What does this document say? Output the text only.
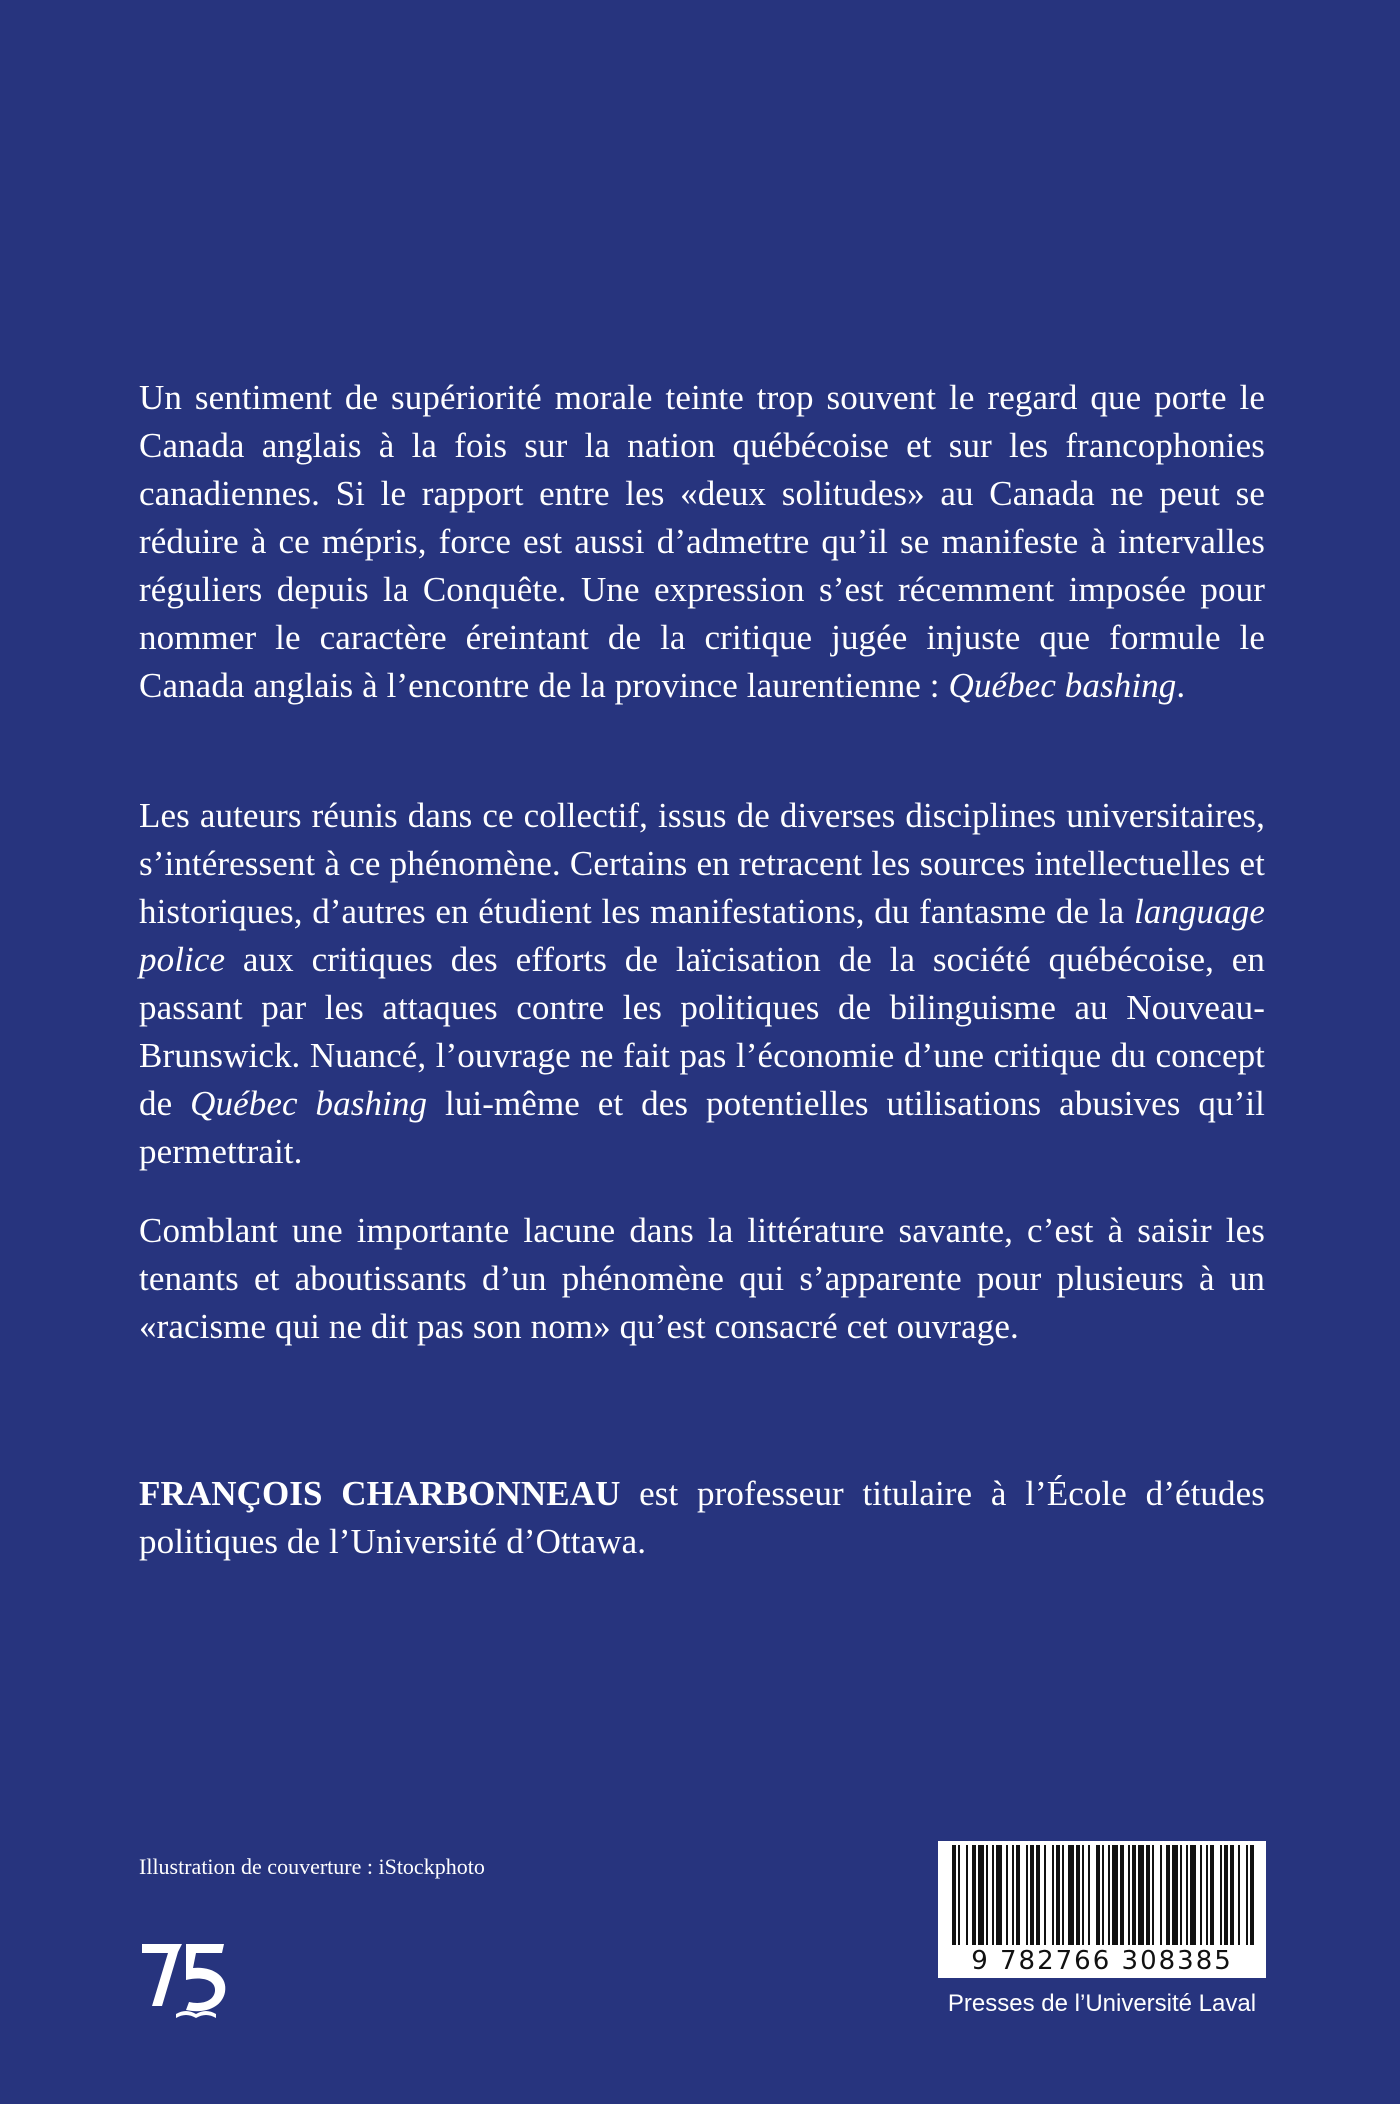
Un sentiment de supériorité morale teinte trop souvent le regard que porte le Canada anglais à la fois sur la nation québécoise et sur les francophonies canadiennes. Si le rapport entre les «deux solitudes» au Canada ne peut se réduire à ce mépris, force est aussi d’admettre qu’il se manifeste à intervalles réguliers depuis la Conquête. Une expression s’est récemment imposée pour nommer le caractère éreintant de la critique jugée injuste que formule le Canada anglais à l’encontre de la province laurentienne : Québec bashing.

Les auteurs réunis dans ce collectif, issus de diverses disciplines universitaires, s’intéressent à ce phénomène. Certains en retracent les sources intellectuelles et historiques, d’autres en étudient les manifestations, du fantasme de la language police aux critiques des efforts de laïcisation de la société québécoise, en passant par les attaques contre les politiques de bilinguisme au Nouveau-Brunswick. Nuancé, l’ouvrage ne fait pas l’économie d’une critique du concept de Québec bashing lui-même et des potentielles utilisations abusives qu’il permettrait.

Comblant une importante lacune dans la littérature savante, c’est à saisir les tenants et aboutissants d’un phénomène qui s’apparente pour plusieurs à un «racisme qui ne dit pas son nom» qu’est consacré cet ouvrage.

FRANÇOIS CHARBONNEAU est professeur titulaire à l’École d’études politiques de l’Université d’Ottawa.

Illustration de couverture : iStockphoto
9 782766 308385
Presses de l’Université Laval
